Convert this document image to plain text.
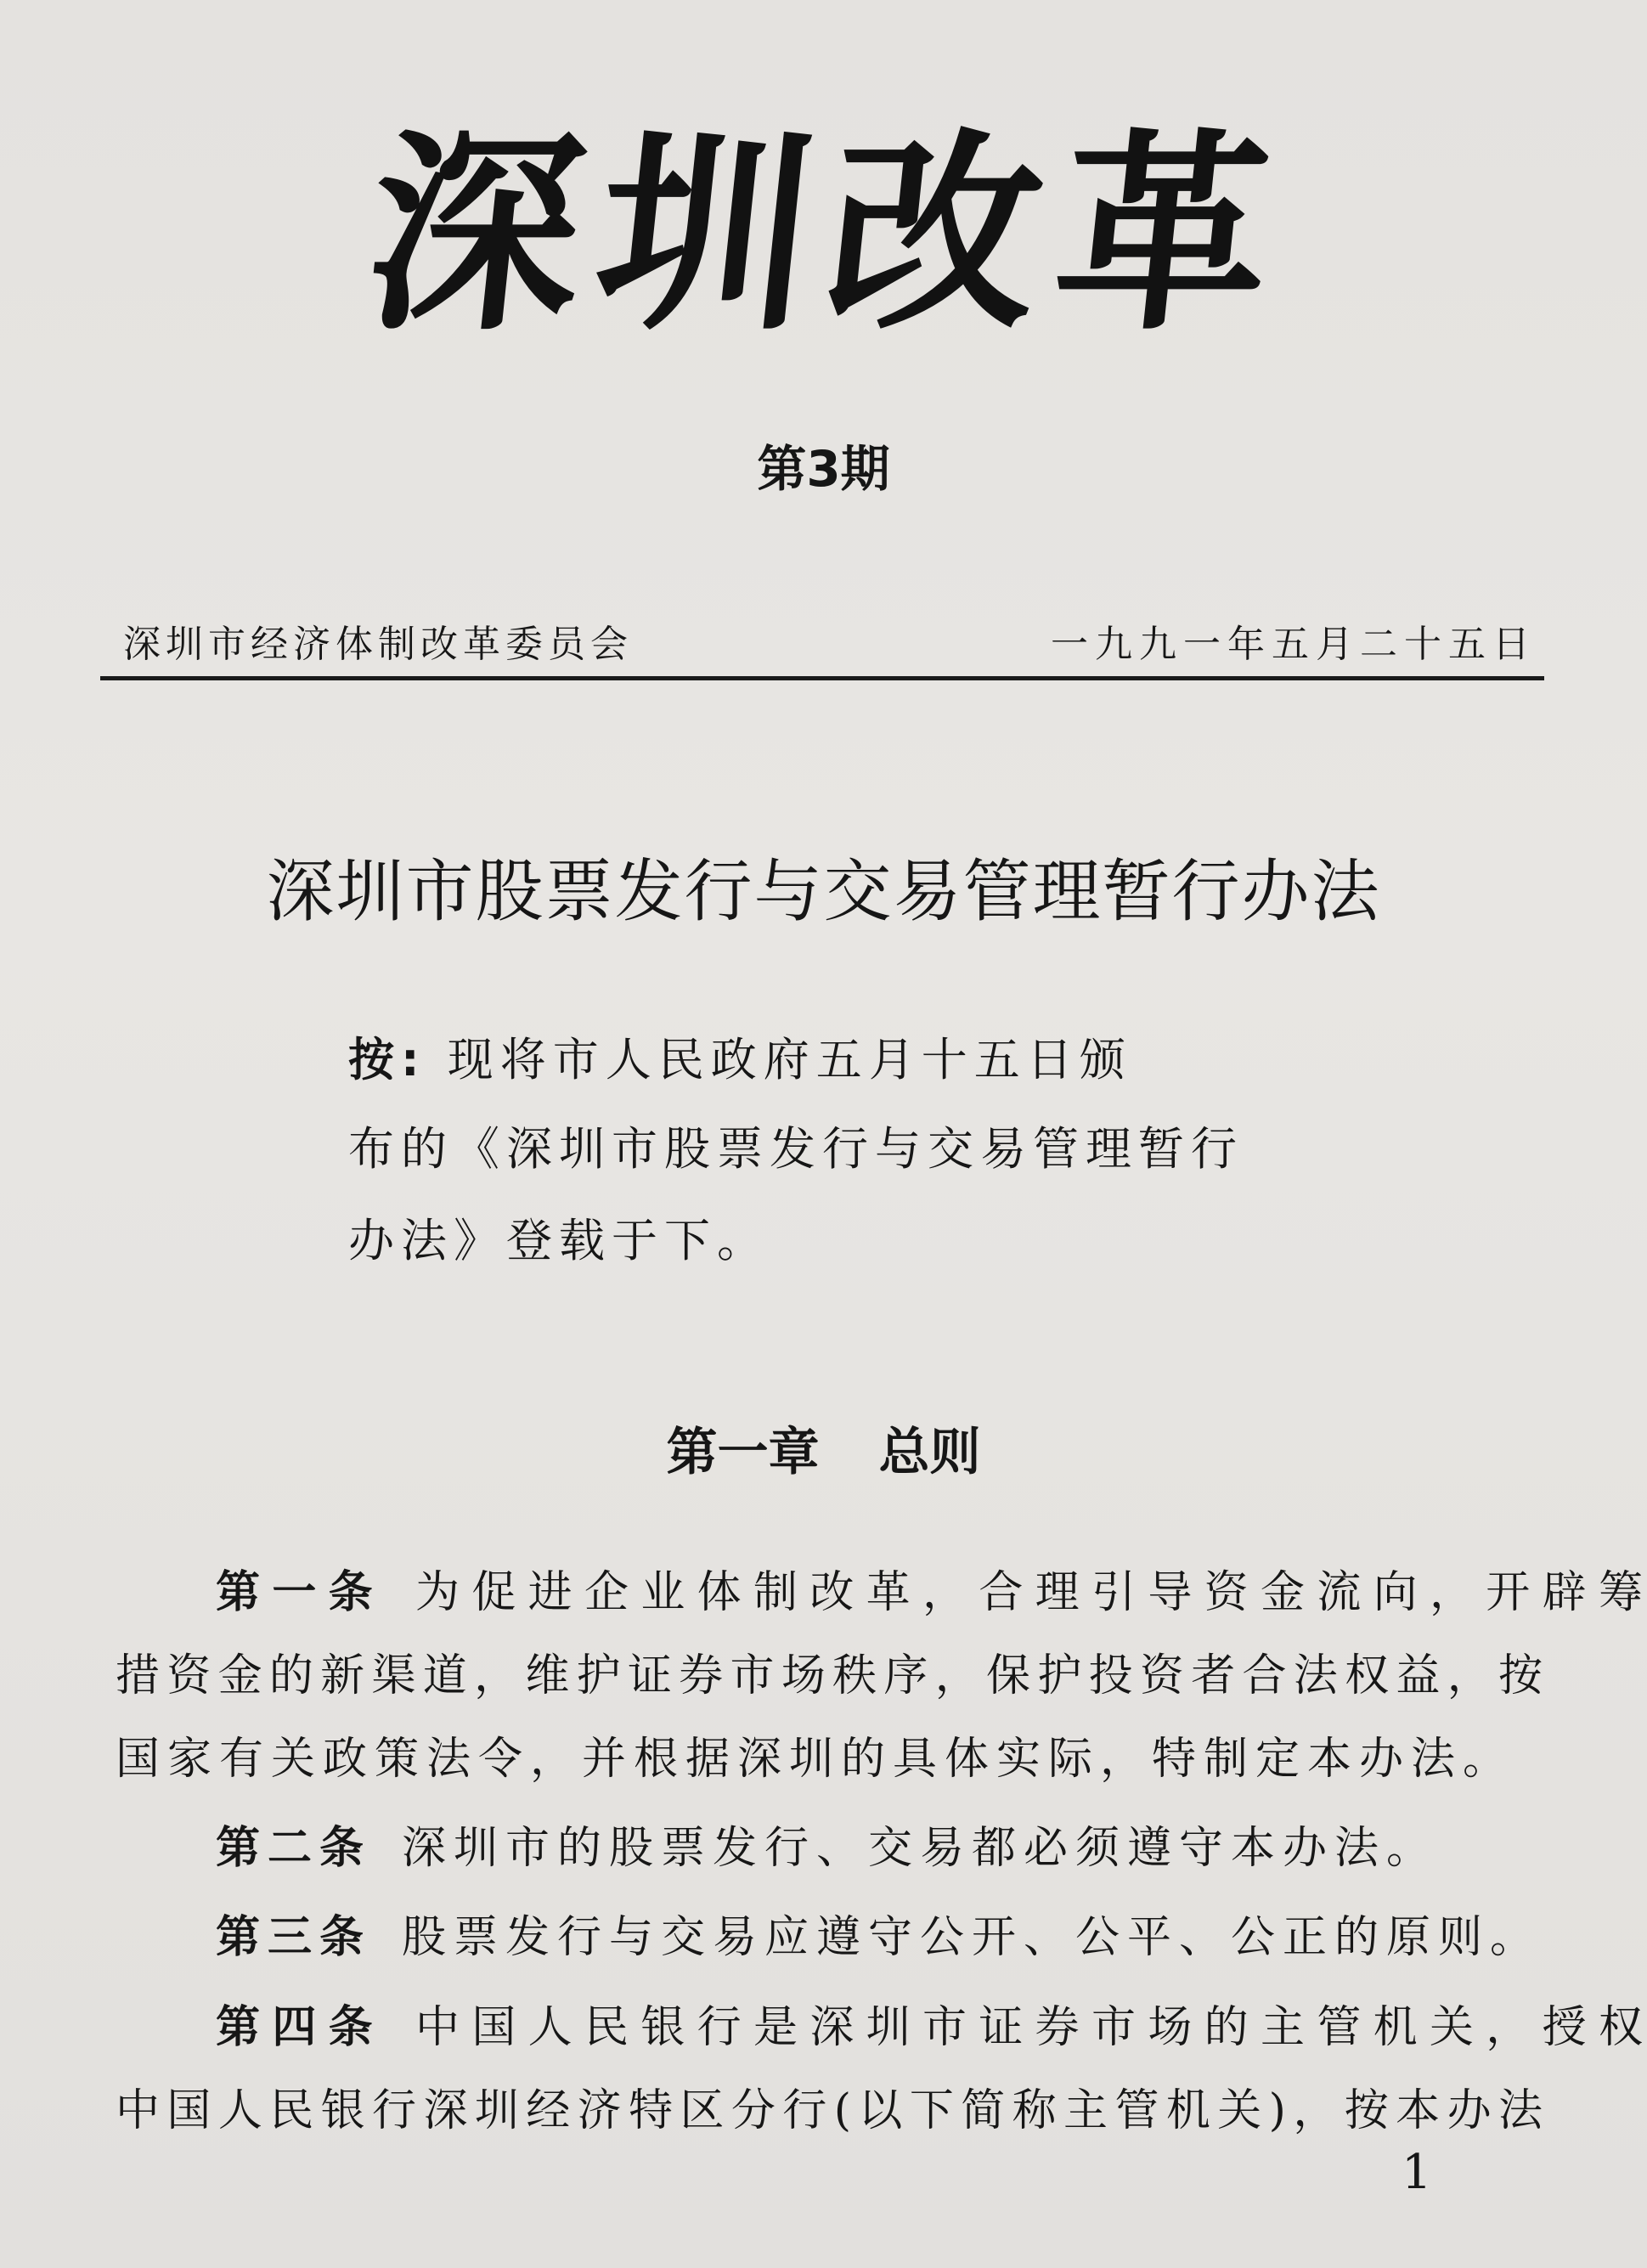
深圳改革
第3期
深圳市经济体制改革委员会	一九九一年五月二十五日
深圳市股票发行与交易管理暂行办法
按: 现将市人民政府五月十五日颁
布的《深圳市股票发行与交易管理暂行
办法》登载于下。
第一章 总则
第一条 为促进企业体制改革，合理引导资金流向，开辟筹
措资金的新渠道，维护证券市场秩序，保护投资者合法权益，按
国家有关政策法令，并根据深圳的具体实际，特制定本办法。
第二条 深圳市的股票发行、交易都必须遵守本办法。
第三条 股票发行与交易应遵守公开、公平、公正的原则。
第四条 中国人民银行是深圳市证券市场的主管机关，授权
中国人民银行深圳经济特区分行(以下简称主管机关)，按本办法
1
